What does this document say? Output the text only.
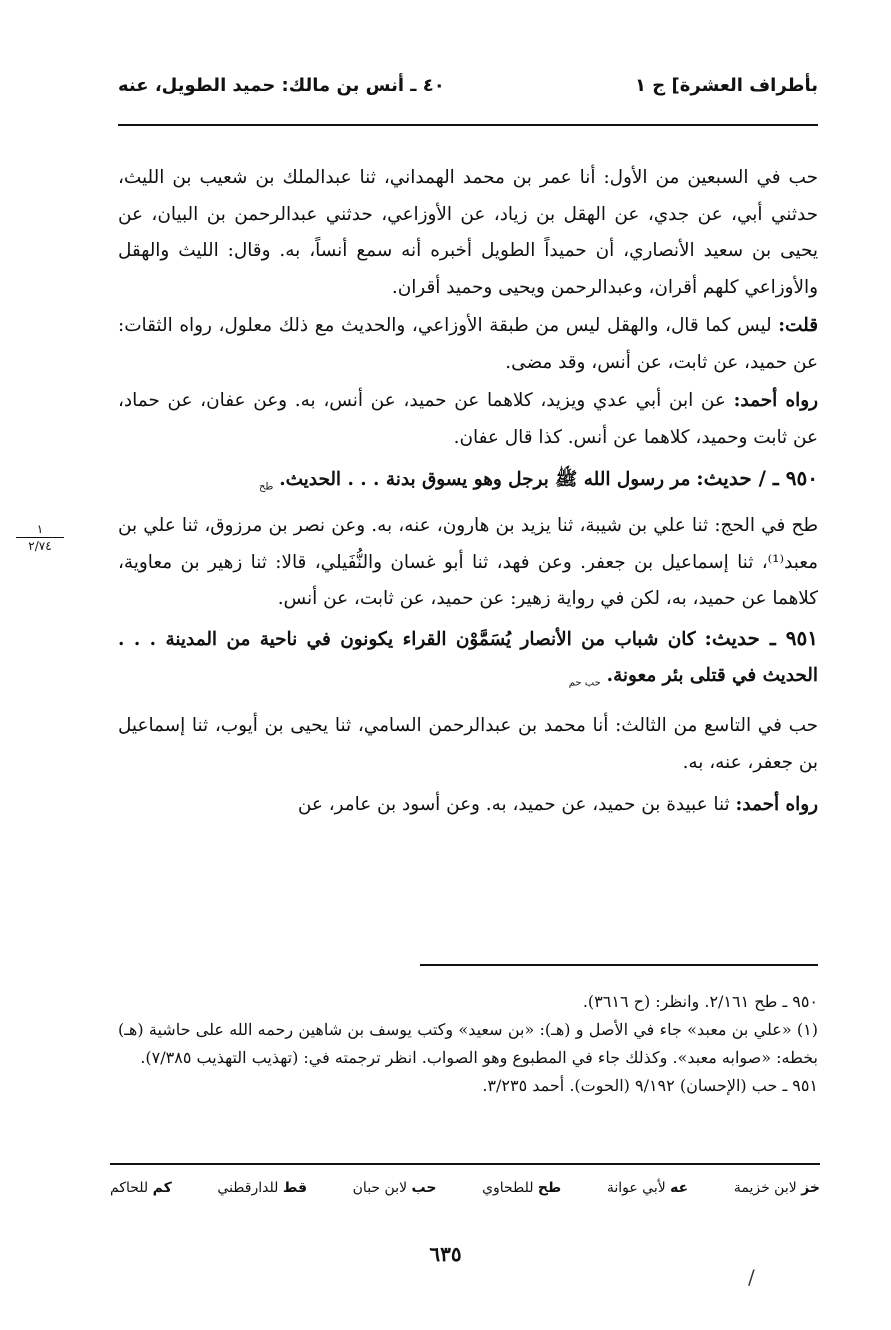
بأطراف العشرة] ج ١
٤٠ ـ أنس بن مالك: حميد الطويل، عنه

حب في السبعين من الأول: أنا عمر بن محمد الهمداني، ثنا عبدالملك بن شعيب بن الليث، حدثني أبي، عن جدي، عن الهقل بن زياد، عن الأوزاعي، حدثني عبدالرحمن بن البيان، عن يحيى بن سعيد الأنصاري، أن حميداً الطويل أخبره أنه سمع أنساً، به. وقال: الليث والهقل والأوزاعي كلهم أقران، وعبدالرحمن ويحيى وحميد أقران.

قلت: ليس كما قال، والهقل ليس من طبقة الأوزاعي، والحديث مع ذلك معلول، رواه الثقات: عن حميد، عن ثابت، عن أنس، وقد مضى.

رواه أحمد: عن ابن أبي عدي ويزيد، كلاهما عن حميد، عن أنس، به. وعن عفان، عن حماد، عن ثابت وحميد، كلاهما عن أنس. كذا قال عفان.

٩٥٠ ـ / حديث: مر رسول الله ﷺ برجل وهو يسوق بدنة . . . الحديث. $_{طح}$

طح في الحج: ثنا علي بن شيبة، ثنا يزيد بن هارون، عنه، به. وعن نصر بن مرزوق، ثنا علي بن معبد⁽¹⁾، ثنا إسماعيل بن جعفر. وعن فهد، ثنا أبو غسان والنُّفَيلي، قالا: ثنا زهير بن معاوية، كلاهما عن حميد، به، لكن في رواية زهير: عن حميد، عن ثابت، عن أنس.

٩٥١ ـ حديث: كان شباب من الأنصار يُسَمَّوْن القراء يكونون في ناحية من المدينة . . . الحديث في قتلى بئر معونة. $_{حب حم}$

حب في التاسع من الثالث: أنا محمد بن عبدالرحمن السامي، ثنا يحيى بن أيوب، ثنا إسماعيل بن جعفر، عنه، به.

رواه أحمد: ثنا عبيدة بن حميد، عن حميد، به. وعن أسود بن عامر، عن

١
٢/٧٤

٩٥٠ ـ طح ٢/١٦١. وانظر: (ح ٣٦١٦).

(١) «علي بن معبد» جاء في الأصل و (هـ): «بن سعيد» وكتب يوسف بن شاهين رحمه الله على حاشية (هـ) بخطه: «صوابه معبد». وكذلك جاء في المطبوع وهو الصواب. انظر ترجمته في: (تهذيب التهذيب ٧/٣٨٥).

٩٥١ ـ حب (الإحسان) ٩/١٩٢ (الحوت). أحمد ٣/٢٣٥.

خز لابن خزيمة
عه لأبي عوانة
طح للطحاوي
حب لابن حبان
قط للدارقطني
كم للحاكم
٦٣٥
/
